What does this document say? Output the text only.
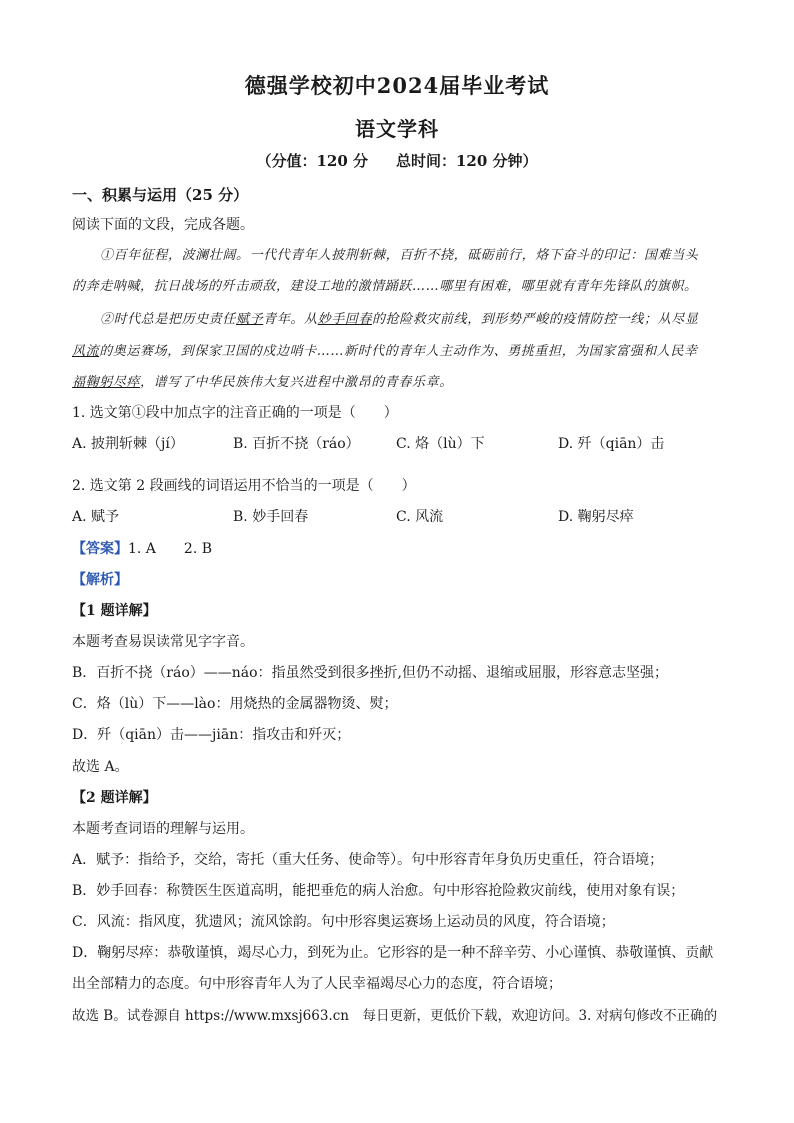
德强学校初中2024届毕业考试
语文学科
（分值：120 分 总时间：120 分钟）
一、积累与运用（25 分）
阅读下面的文段，完成各题。
①百年征程，波澜壮阔。一代代青年人披荆斩棘，百折不挠，砥砺前行，烙下奋斗的印记：国难当头
的奔走呐喊，抗日战场的歼击顽敌，建设工地的激情踊跃……哪里有困难，哪里就有青年先锋队的旗帜。
②时代总是把历史责任赋予青年。从妙手回春的抢险救灾前线，到形势严峻的疫情防控一线；从尽显
风流的奥运赛场，到保家卫国的戍边哨卡……新时代的青年人主动作为、勇挑重担，为国家富强和人民幸
福鞠躬尽瘁，谱写了中华民族伟大复兴进程中激昂的青春乐章。
1. 选文第①段中加点字的注音正确的一项是（　　）
A. 披荆斩棘（jí）	B. 百折不挠（ráo）	C. 烙（lù）下	D. 歼（qiān）击
2. 选文第 2 段画线的词语运用不恰当的一项是（　　）
A. 赋予	B. 妙手回春	C. 风流	D. 鞠躬尽瘁
【答案】1. A　　2. B
【解析】
【1 题详解】
本题考查易误读常见字字音。
B．百折不挠（ráo）——náo：指虽然受到很多挫折,但仍不动摇、退缩或屈服，形容意志坚强；
C．烙（lù）下——lào：用烧热的金属器物烫、熨；
D．歼（qiān）击——jiān：指攻击和歼灭；
故选 A。
【2 题详解】
本题考查词语的理解与运用。
A．赋予：指给予，交给，寄托（重大任务、使命等）。句中形容青年身负历史重任，符合语境；
B．妙手回春：称赞医生医道高明，能把垂危的病人治愈。句中形容抢险救灾前线，使用对象有误；
C．风流：指风度，犹遗风；流风馀韵。句中形容奥运赛场上运动员的风度，符合语境；
D．鞠躬尽瘁：恭敬谨慎，竭尽心力，到死为止。它形容的是一种不辞辛劳、小心谨慎、恭敬谨慎、贡献
出全部精力的态度。句中形容青年人为了人民幸福竭尽心力的态度，符合语境；
故选 B。试卷源自 https://www.mxsj663.cn　每日更新，更低价下载，欢迎访问。3. 对病句修改不正确的
